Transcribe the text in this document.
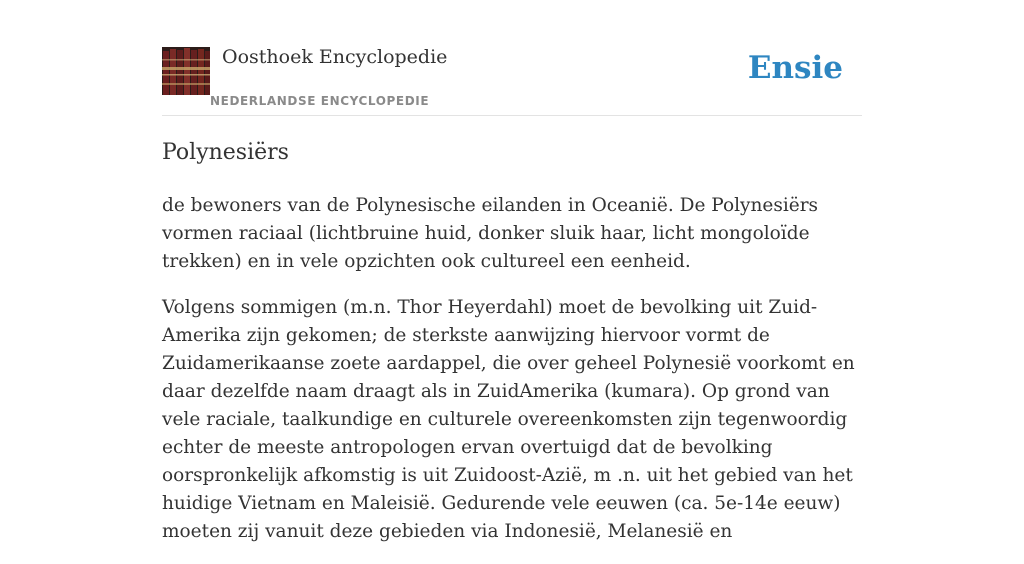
Oosthoek Encyclopedie
NEDERLANDSE ENCYCLOPEDIE
Ensie
Polynesiërs

de bewoners van de Polynesische eilanden in Oceanië. De Polynesiërs vormen raciaal (lichtbruine huid, donker sluik haar, licht mongoloïde trekken) en in vele opzichten ook cultureel een eenheid.

Volgens sommigen (m.n. Thor Heyerdahl) moet de bevolking uit Zuid-Amerika zijn gekomen; de sterkste aanwijzing hiervoor vormt de Zuidamerikaanse zoete aardappel, die over geheel Polynesië voorkomt en daar dezelfde naam draagt als in ZuidAmerika (kumara). Op grond van vele raciale, taalkundige en culturele overeenkomsten zijn tegenwoordig echter de meeste antropologen ervan overtuigd dat de bevolking oorspronkelijk afkomstig is uit Zuidoost-Azië, m .n. uit het gebied van het huidige Vietnam en Maleisië. Gedurende vele eeuwen (ca. 5e-14e eeuw) moeten zij vanuit deze gebieden via Indonesië, Melanesië en
